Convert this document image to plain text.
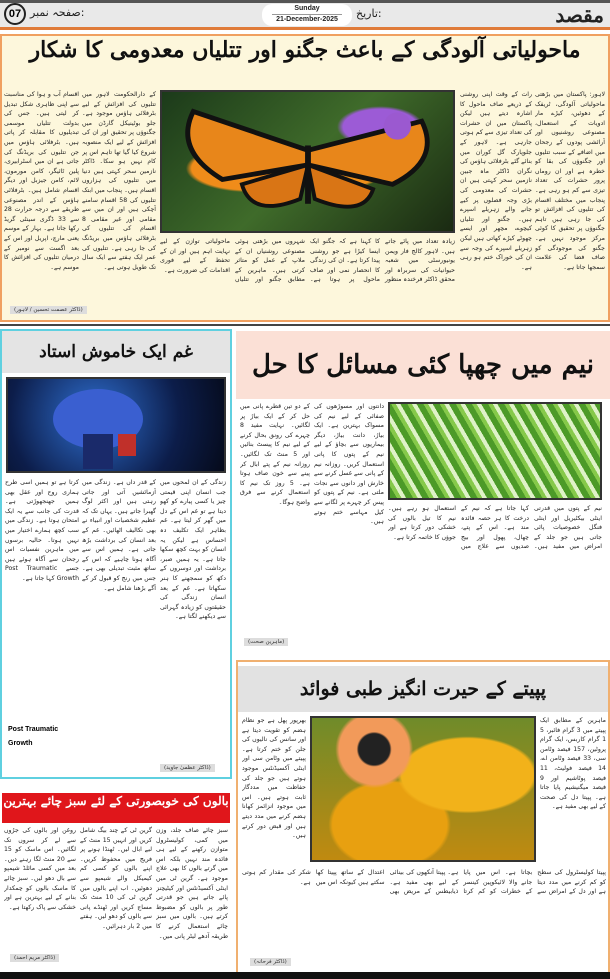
مقصد
تاریخ:
Sunday
21-December-2025
صفحہ نمبر:
07
ماحولیاتی آلودگی کے باعث جگنو اور تتلیاں معدومی کا شکار
لاہور: پاکستان میں بڑھتی ماحولیاتی آلودگی، ٹریفک کے دھوئیں، کیڑے مار ادویات کے استعمال، مصنوعی روشنیوں اور آرائشی پودوں کے رجحان میں اضافے کے سبب تتلیوں اور جگنوؤں کی بقا کو خطرہ ہے اور ان روماں پرور حشرات کی تعداد تیزی سے کم ہو رہی ہے۔ پنجاب میں مختلف اقسام کی تتلیوں کی افزائش تو کی جا رہی ہیں تاہم جگنوؤں پر تحقیق کا کوئی مرکز موجود نہیں ہے۔ جگنو کی موجودگی کو صاف فضا کی علامت سمجھا جاتا ہے۔
رات کے وقت اپنی روشنی کے ذریعے صاف ماحول کا اشارہ دیتے ہیں لیکن پاکستان میں ان حشرات کی تعداد تیزی سے کم ہوتی جارہی ہے۔ لاہور کے جلوپارک گل کوران میں بنائے گئے بٹرفلائی ہاؤس کی نگران ڈاکٹر ماہ جبین نازمین سحر کہتی ہیں ان حشرات کی معدومی کی بڑی وجہ فصلوں پر کیے جانے والے زہریلے اسپرے ہیں۔ جگنو اور تتلیاں کیچوے، مچھر اور ایسے چھوٹے کیڑے کھاتی ہیں لیکن زہریلے اسپرے کی وجہ سے ان کی خوراک ختم ہو رہی ہے۔
کے دارالحکومت لاہور میں تتلیوں کی افزائش کے لیے بٹرفلائی ہاؤس موجود ہے۔ جلو بوٹینیکل گارڈن میں جگنوؤں پر تحقیق اور ان کی افزائش کے لیے ایک منصوبہ شروع کیا گیا تھا تاہم اس پر کام نہیں ہو سکا۔ ڈاکٹر نازمین سحر کہتی ہیں دنیا میں تتلیوں کی ہزاروں اقسام ہیں۔ پنجاب میں ابتک تتلیوں کی 58 اقسام سامنے آچکی ہیں اور ان میں سے مقامی اور غیر مقامی 8 اقسام کی تتلیوں کی بٹرفلائی ہاؤس میں بریڈنگ کی جا رہی ہے۔ تتلیوں کی عمر ایک ہفتے سے ایک سال تک طویل ہوتی ہے۔
اقسام آب و ہوا کی مناسبت سے اپنی ظاہری شکل تبدیل کر لیتی ہیں۔ جس کی بدولت تتلیاں موسمی تبدیلیوں کا مقابلہ کر پاتی ہیں۔ بٹرفلائی ہاؤس میں جن تتلیوں کی بریڈنگ کی جاتی ہے ان میں اسٹرابیری، پلین ٹائیگر، کامن مورمون، لائم، کامن جیزبل اور دیگر اقسام شامل ہیں۔ بٹرفلائی ہاؤس کے اندر مصنوعی طریقے سے درجہ حرارت 28 سے 33 ڈگری سینٹی گریڈ رکھا جاتا ہے۔ بہار کے موسم یعنی مارچ، اپریل اور اس کے بعد اگست سے نومبر کے درمیان تتلیوں کی افزائش کا موسم ہے۔
(ڈاکٹر عصمت تحسین / لاہور)
زیادہ تعداد میں پائے جاتے ہیں۔ لاہور کالج فار ویمن یونیورسٹی میں شعبہ حیوانیات کی سربراہ اور محقق ڈاکٹر فرخندہ منظور کا کہنا ہے کہ جگنو ایک ایسا کیڑا ہے جو روشنی پیدا کرتا ہے۔ ان کی زندگی کا انحصار نمی اور صاف ماحول پر ہوتا ہے۔ شہروں میں بڑھتی ہوئی مصنوعی روشنیاں ان کے ملاپ کے عمل کو متاثر کرتی ہیں۔ ماہرین کے مطابق جگنو اور تتلیاں ماحولیاتی توازن کے لیے نہایت اہم ہیں اور ان کے تحفظ کے لیے فوری اقدامات کی ضرورت ہے۔
غم ایک خاموش استاد
زندگی کے ان لمحوں میں جب انسان اپنی قیمتی چیز یا کسی پیارے کو کھو دیتا ہے تو غم اس کے دل میں گھر کر لیتا ہے۔ غم بظاہر ایک تکلیف دہ احساس ہے لیکن یہ انسان کو بہت کچھ سکھا جاتا ہے۔ یہ ہمیں صبر، برداشت اور دوسروں کے دکھ کو سمجھنے کا ہنر سکھاتا ہے۔ غم کے بعد انسان زندگی کی حقیقتوں کو زیادہ گہرائی سے دیکھنے لگتا ہے۔
کے قدر داں ہے۔ زندگی میں آزمائشیں آتی اور جاتی رہتی ہیں اور اکثر لوگ گھبرا جاتے ہیں۔ یہاں تک کہ عظیم شخصیات اور انبیاء نے بھی تکالیف اٹھائیں۔ غم کے بعد انسان کی برداشت بڑھ جاتی ہے۔ ہمیں اس سے آگاہ ہونا چاہیے کہ اس کے ساتھ مثبت تبدیلی بھی ہے۔ جس میں رنج کو قبول کر کے آگے بڑھنا شامل ہے۔
کرتا ہے تو ہمیں اسی طرح ہماری روح اور عقل بھی ہمیں جھنجھوڑتی ہے۔ قدرت کی جانب سے یہ ایک امتحان ہوتا ہے۔ زندگی میں سب کچھ ہمارے اختیار میں نہیں ہوتا۔ حالیہ برسوں میں ماہرین نفسیات اس رجحان سے آگاہ ہوئے ہیں جسے Post Traumatic Growth کہا جاتا ہے۔
Post Traumatic
Growth
(ڈاکٹر عظمیٰ جاوید)
نیم میں چھپا کئی مسائل کا حل
کے دو تین قطرے پانی میں حل کر کے ایک بیاڑ پر لگائیں۔ نہایت مفید 8 چہرے کی رونق بحال کرنے کے لیے نیم کا پیسٹ بنائیں اور 5 منٹ تک لگائیں۔ روزانہ نیم کے پتے ابال کر پینے سے خون صاف ہوتا ہے۔ 5 روز تک نیم کا استعمال کرنے سے فرق واضح ہوگا۔
دانتوں اور مسوڑھوں کی صفائی کے لیے نیم کی مسواک بہترین ہے۔ ایک بیاڑ، دانت بیاڑ، دیگر بیماریوں سے بچاؤ کے لیے نیم کے پتوں کا پانی استعمال کریں۔ روزانہ نیم کے پانی سے غسل کرنے سے خارش اور دانوں سے نجات ملتی ہے۔ نیم کے پتوں کو پیس کر چہرے پر لگانے سے کیل مہاسے ختم ہوتے ہیں۔
نیم کے پتوں میں قدرتی اینٹی بیکٹیریل اور اینٹی فنگل خصوصیات پائی جاتی ہیں جو جلد کے امراض میں مفید ہیں۔ کہا جاتا ہے کہ نیم کے درخت کا ہر حصہ فائدہ مند ہے۔ اس کے پتے، چھال، پھول اور بیج صدیوں سے علاج میں استعمال ہو رہے ہیں۔ نیم کا تیل بالوں کی خشکی دور کرتا ہے اور جوؤں کا خاتمہ کرتا ہے۔
(ماہرین صحت)
پپیتے کے حیرت انگیز طبی فوائد
ماہرین کے مطابق ایک پپیتے میں 3 گرام فائبر، 5 1 گرام کاربس، ایک گرام پروٹین، 157 فیصد وٹامن سی، 33 فیصد وٹامن اے، 14 فیصد فولیٹ، 11 فیصد پوٹاشیم اور 9 فیصد میگنیشیم پایا جاتا ہے۔ پپیتا دل کی صحت کے لیے بھی مفید ہے۔
بھرپور پھل ہے جو نظام ہضم کو تقویت دیتا ہے اور سانس کی نالیوں کی جلن کو ختم کرتا ہے۔ پپیتے میں وٹامن سی اور اینٹی آکسیڈنٹس موجود ہوتے ہیں جو جلد کی حفاظت میں مددگار ثابت ہوتے ہیں۔ اس میں موجود انزائمز کھانا ہضم کرنے میں مدد دیتے ہیں اور قبض دور کرتے ہیں۔
پپیتا کولیسٹرول کی سطح کو کم کرنے میں مدد دیتا ہے اور دل کے امراض سے بچاتا ہے۔ اس میں پایا جانے والا لائیکوپین کینسر کے خطرات کو کم کرتا ہے۔ پپیتا آنکھوں کی بینائی کے لیے بھی مفید ہے۔ ذیابیطس کے مریض بھی اعتدال کے ساتھ پپیتا کھا سکتے ہیں کیونکہ اس میں شکر کی مقدار کم ہوتی ہے۔
(ڈاکٹر فرحانہ)
بالوں کی خوبصورتی کے لئے سبز چائے بہترین
سبز چائے صاف جلد، وزن میں کمی، کولیسٹرول متوازن رکھنے کے لیے ہی فائدہ مند نہیں بلکہ اس میں گرتے بالوں کا بھی علاج موجود ہے۔ گرین ٹی میں اینٹی آکسیڈنٹس اور کیٹیچنز پائے جاتے ہیں جو قدرتی طور پر بالوں کو مضبوط کرتے ہیں۔ بالوں میں سبز چائے استعمال کرنے کا طریقہ آدھے لیٹر پانی میں۔
گرین ٹی کے چند بیگ شامل کریں اور انہیں 15 منٹ کے لیے ابال لیں۔ ٹھنڈا ہونے پر فریج میں محفوظ کریں۔ اپنے بالوں کو کسی کم کیمیکل والے شیمپو سے دھوئیں۔ اب اپنے بالوں میں گرین ٹی کی 10 منٹ تک مساج کریں اور ٹھنڈے پانی سے بالوں کو دھو لیں۔ ہفتے میں 2 بار دہرائیں۔
روغن اور بالوں کی جڑوں سے لے کر سروں تک لگائیں۔ اس ماسک کو 15 سے 20 منٹ لگا رہنے دیں۔ بعد میں کسی مائلڈ شیمپو سے بال دھو لیں۔ سبز چائے کا ماسک بالوں کو چمکدار بنانے کے لیے بہترین ہے اور خشکی سے پاک رکھتا ہے۔
(ڈاکٹر مریم احمد)
